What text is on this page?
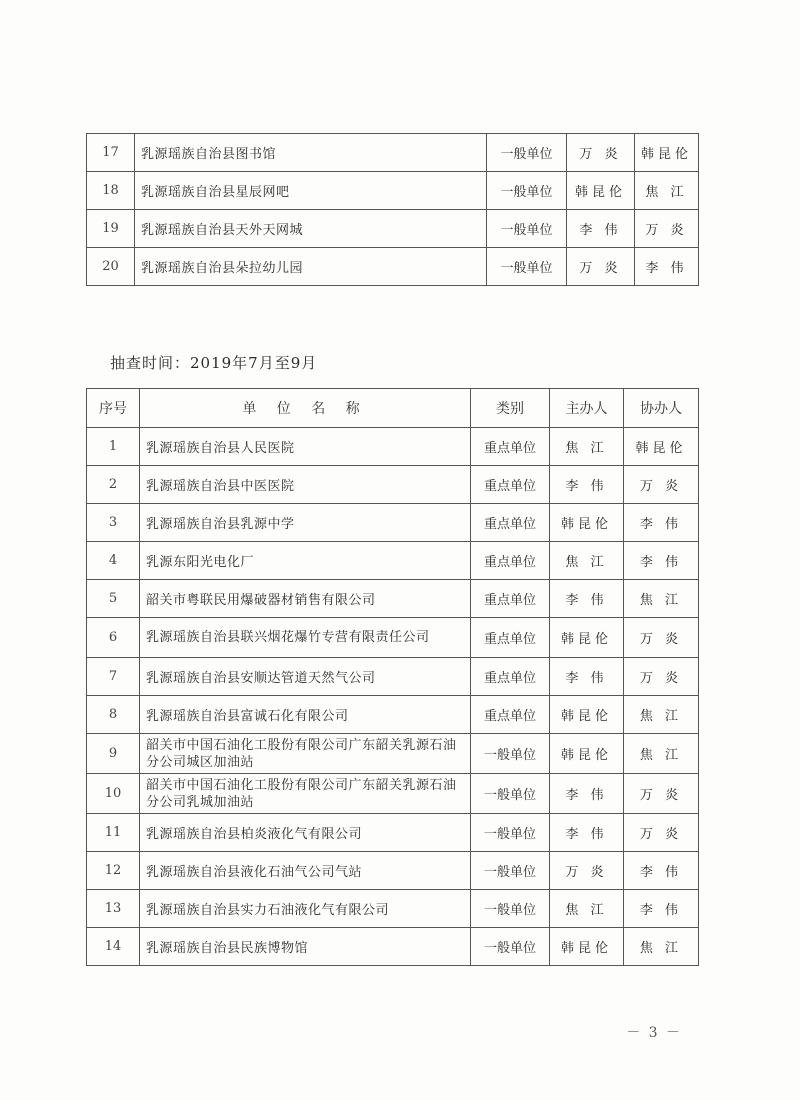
17	乳源瑶族自治县图书馆	一般单位	万 炎	韩昆伦
18	乳源瑶族自治县星辰网吧	一般单位	韩昆伦	焦 江
19	乳源瑶族自治县天外天网城	一般单位	李 伟	万 炎
20	乳源瑶族自治县朵拉幼儿园	一般单位	万 炎	李 伟
抽查时间：2019年7月至9月
序号	单 位 名 称	类别	主办人	协办人
1	乳源瑶族自治县人民医院	重点单位	焦 江	韩昆伦
2	乳源瑶族自治县中医医院	重点单位	李 伟	万 炎
3	乳源瑶族自治县乳源中学	重点单位	韩昆伦	李 伟
4	乳源东阳光电化厂	重点单位	焦 江	李 伟
5	韶关市粤联民用爆破器材销售有限公司	重点单位	李 伟	焦 江
6	乳源瑶族自治县联兴烟花爆竹专营有限责任公司	重点单位	韩昆伦	万 炎
7	乳源瑶族自治县安顺达管道天然气公司	重点单位	李 伟	万 炎
8	乳源瑶族自治县富诚石化有限公司	重点单位	韩昆伦	焦 江
9	韶关市中国石油化工股份有限公司广东韶关乳源石油分公司城区加油站	一般单位	韩昆伦	焦 江
10	韶关市中国石油化工股份有限公司广东韶关乳源石油分公司乳城加油站	一般单位	李 伟	万 炎
11	乳源瑶族自治县柏炎液化气有限公司	一般单位	李 伟	万 炎
12	乳源瑶族自治县液化石油气公司气站	一般单位	万 炎	李 伟
13	乳源瑶族自治县实力石油液化气有限公司	一般单位	焦 江	李 伟
14	乳源瑶族自治县民族博物馆	一般单位	韩昆伦	焦 江
－ 3 －
